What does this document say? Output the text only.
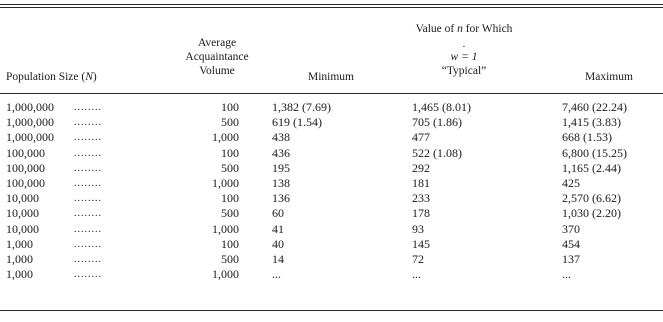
Population Size (N)
Average
Acquaintance
Volume	Minimum
Value of n for Which
·
w = 1
“Typical”	Maximum
1,000,000	........	100	1,382 (7.69)	1,465 (8.01)	7,460 (22.24)
1,000,000	........	500	619 (1.54)	705 (1.86)	1,415 (3.83)
1,000,000	........	1,000	438	477	668 (1.53)
100,000	........	100	436	522 (1.08)	6,800 (15.25)
100,000	........	500	195	292	1,165 (2.44)
100,000	........	1,000	138	181	425
10,000	........	100	136	233	2,570 (6.62)
10,000	........	500	60	178	1,030 (2.20)
10,000	........	1,000	41	93	370
1,000	........	100	40	145	454
1,000	........	500	14	72	137
1,000	........	1,000	...	...	...
